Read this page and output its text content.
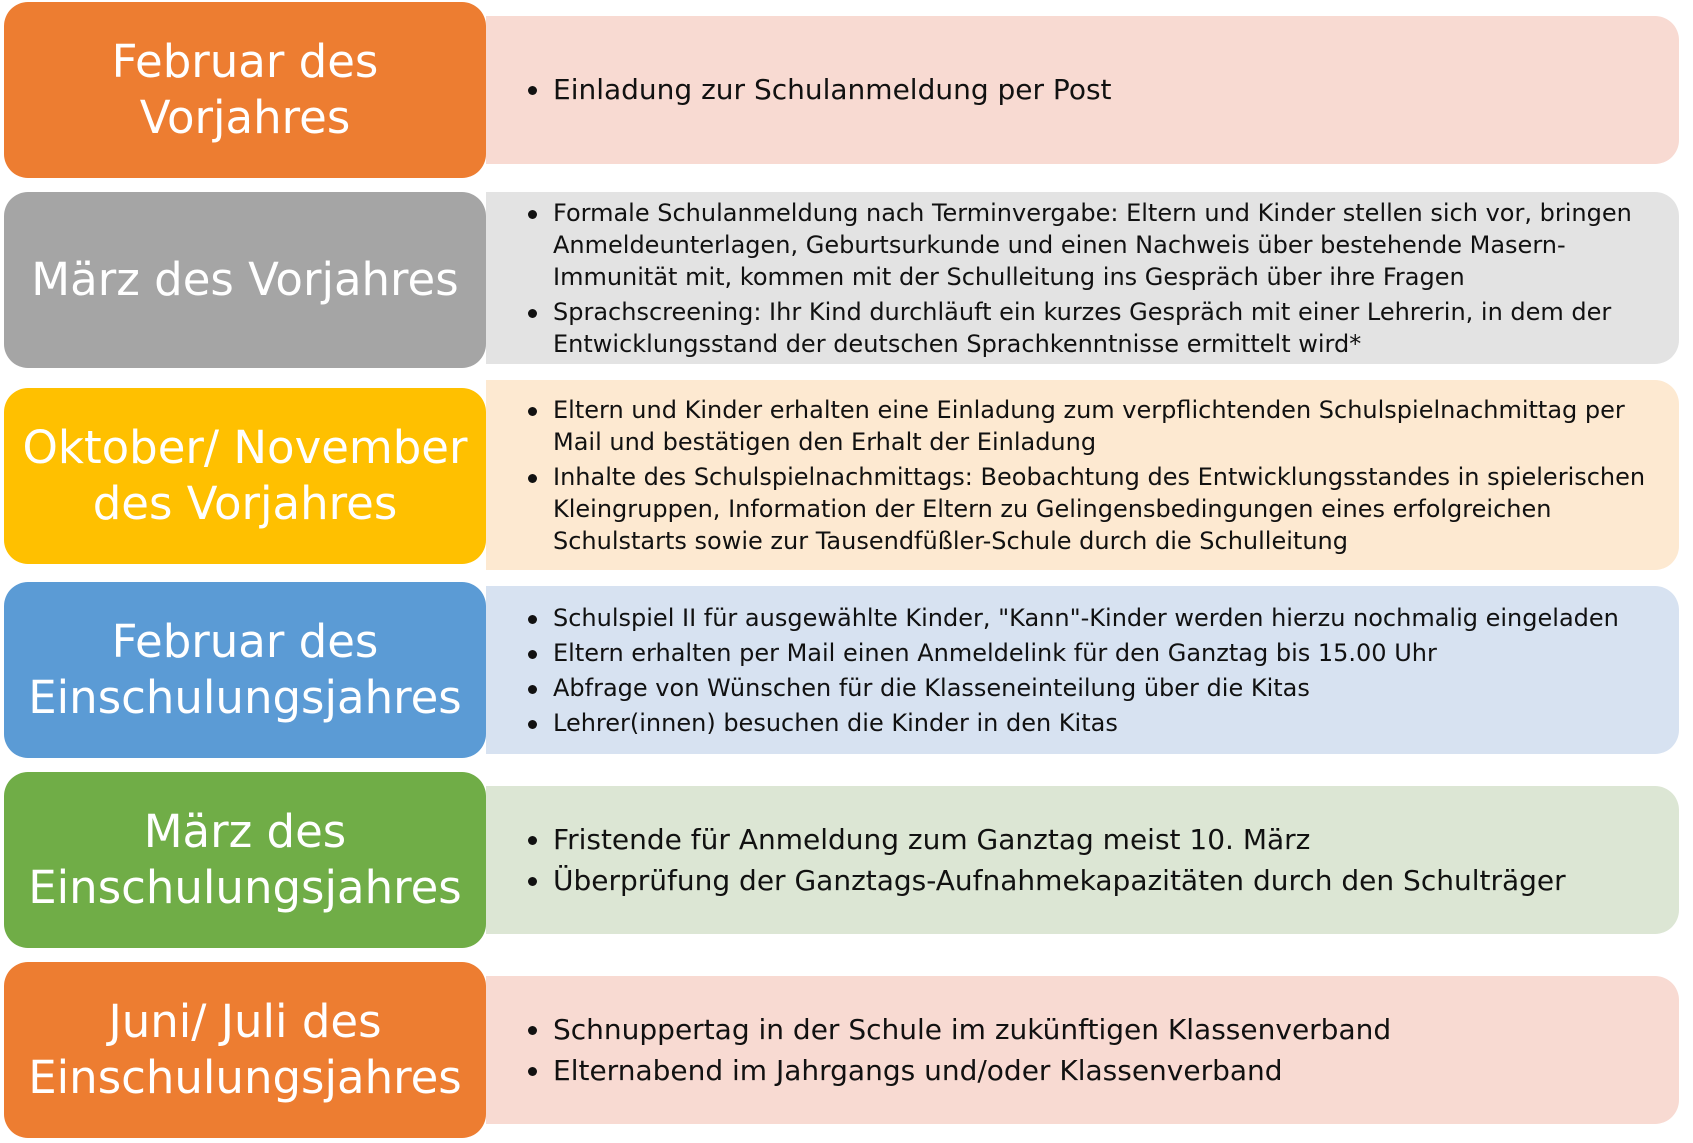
Februar des
Vorjahres
Einladung zur Schulanmeldung per Post
März des Vorjahres
Formale Schulanmeldung nach Terminvergabe: Eltern und Kinder stellen sich vor, bringen Anmeldeunterlagen, Geburtsurkunde und einen Nachweis über bestehende Masern-Immunität mit, kommen mit der Schulleitung ins Gespräch über ihre Fragen
Sprachscreening: Ihr Kind durchläuft ein kurzes Gespräch mit einer Lehrerin, in dem der Entwicklungsstand der deutschen Sprachkenntnisse ermittelt wird*
Oktober/ November
des Vorjahres
Eltern und Kinder erhalten eine Einladung zum verpflichtenden Schulspielnachmittag per Mail und bestätigen den Erhalt der Einladung
Inhalte des Schulspielnachmittags: Beobachtung des Entwicklungsstandes in spielerischen Kleingruppen, Information der Eltern zu Gelingensbedingungen eines erfolgreichen Schulstarts sowie zur Tausendfüßler-Schule durch die Schulleitung
Februar des
Einschulungsjahres
Schulspiel II für ausgewählte Kinder, "Kann"-Kinder werden hierzu nochmalig eingeladen
Eltern erhalten per Mail einen Anmeldelink für den Ganztag bis 15.00 Uhr
Abfrage von Wünschen für die Klasseneinteilung über die Kitas
Lehrer(innen) besuchen die Kinder in den Kitas
März des
Einschulungsjahres
Fristende für Anmeldung zum Ganztag meist 10. März
Überprüfung der Ganztags-Aufnahmekapazitäten durch den Schulträger
Juni/ Juli des
Einschulungsjahres
Schnuppertag in der Schule im zukünftigen Klassenverband
Elternabend im Jahrgangs und/oder Klassenverband
